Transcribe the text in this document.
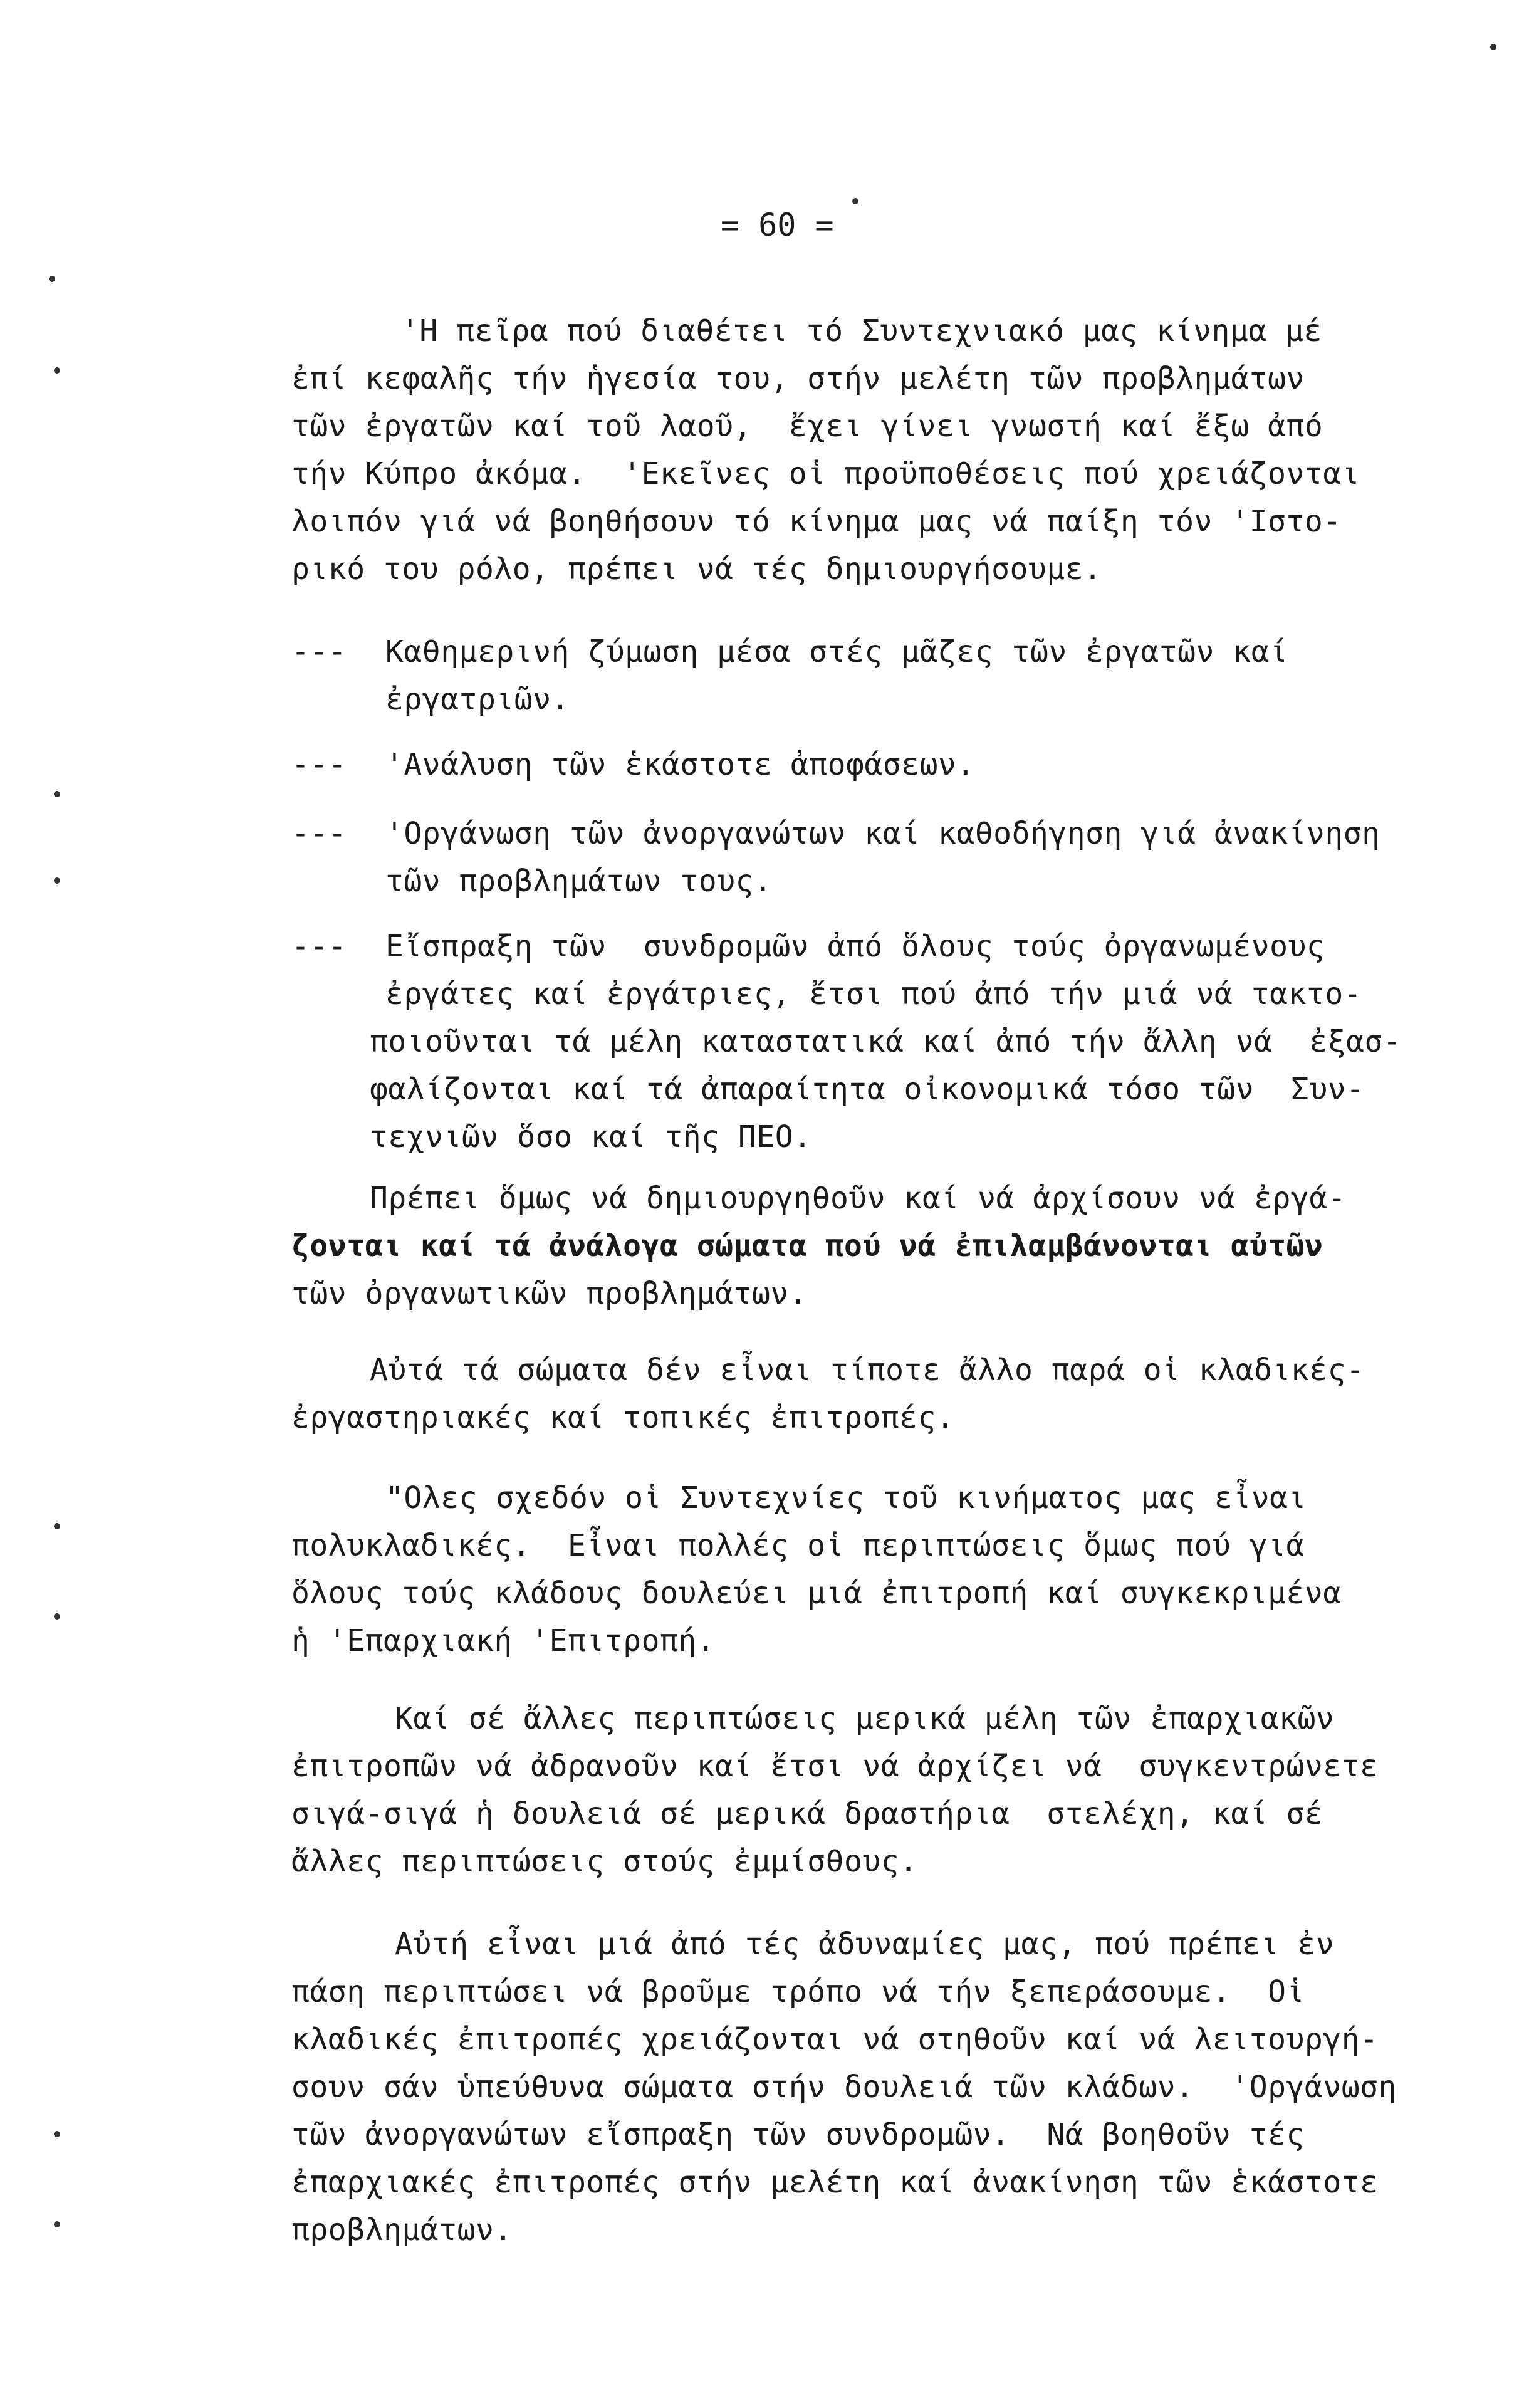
= 60 =
'Η πεῖρα πού διαθέτει τό Συντεχνιακό μας κίνημα μέ
ἐπί κεφαλῆς τήν ἡγεσία του, στήν μελέτη τῶν προβλημάτων
τῶν ἐργατῶν καί τοῦ λαοῦ,  ἔχει γίνει γνωστή καί ἔξω ἀπό
τήν Κύπρο ἀκόμα.  'Εκεῖνες οἱ προϋποθέσεις πού χρειάζονται
λοιπόν γιά νά βοηθήσουν τό κίνημα μας νά παίξη τόν 'Ιστο-
ρικό του ρόλο, πρέπει νά τές δημιουργήσουμε.
--- Καθημερινή ζύμωση μέσα στές μᾶζες τῶν ἐργατῶν καί
ἐργατριῶν.
--- 'Ανάλυση τῶν ἑκάστοτε ἀποφάσεων.
--- 'Οργάνωση τῶν ἀνοργανώτων καί καθοδήγηση γιά ἀνακίνηση
τῶν προβλημάτων τους.
--- Εἴσπραξη τῶν  συνδρομῶν ἀπό ὅλους τούς ὀργανωμένους
ἐργάτες καί ἐργάτριες, ἔτσι πού ἀπό τήν μιά νά τακτο-
ποιοῦνται τά μέλη καταστατικά καί ἀπό τήν ἄλλη νά  ἐξασ-
φαλίζονται καί τά ἀπαραίτητα οἰκονομικά τόσο τῶν  Συν-
τεχνιῶν ὅσο καί τῆς ΠΕΟ.
Πρέπει ὅμως νά δημιουργηθοῦν καί νά ἀρχίσουν νά ἐργά-
ζονται καί τά ἀνάλογα σώματα πού νά ἐπιλαμβάνονται αὐτῶν
τῶν ὀργανωτικῶν προβλημάτων.
Αὐτά τά σώματα δέν εἶναι τίποτε ἄλλο παρά οἱ κλαδικές-
ἐργαστηριακές καί τοπικές ἐπιτροπές.
"Ολες σχεδόν οἱ Συντεχνίες τοῦ κινήματος μας εἶναι
πολυκλαδικές.  Εἶναι πολλές οἱ περιπτώσεις ὅμως πού γιά
ὅλους τούς κλάδους δουλεύει μιά ἐπιτροπή καί συγκεκριμένα
ἡ 'Επαρχιακή 'Επιτροπή.
Καί σέ ἄλλες περιπτώσεις μερικά μέλη τῶν ἐπαρχιακῶν
ἐπιτροπῶν νά ἀδρανοῦν καί ἔτσι νά ἀρχίζει νά  συγκεντρώνετε
σιγά-σιγά ἡ δουλειά σέ μερικά δραστήρια  στελέχη, καί σέ
ἄλλες περιπτώσεις στούς ἐμμίσθους.
Αὐτή εἶναι μιά ἀπό τές ἀδυναμίες μας, πού πρέπει ἐν
πάση περιπτώσει νά βροῦμε τρόπο νά τήν ξεπεράσουμε.  Οἱ
κλαδικές ἐπιτροπές χρειάζονται νά στηθοῦν καί νά λειτουργή-
σουν σάν ὑπεύθυνα σώματα στήν δουλειά τῶν κλάδων.  'Οργάνωση
τῶν ἀνοργανώτων εἴσπραξη τῶν συνδρομῶν.  Νά βοηθοῦν τές
ἐπαρχιακές ἐπιτροπές στήν μελέτη καί ἀνακίνηση τῶν ἑκάστοτε
προβλημάτων.
